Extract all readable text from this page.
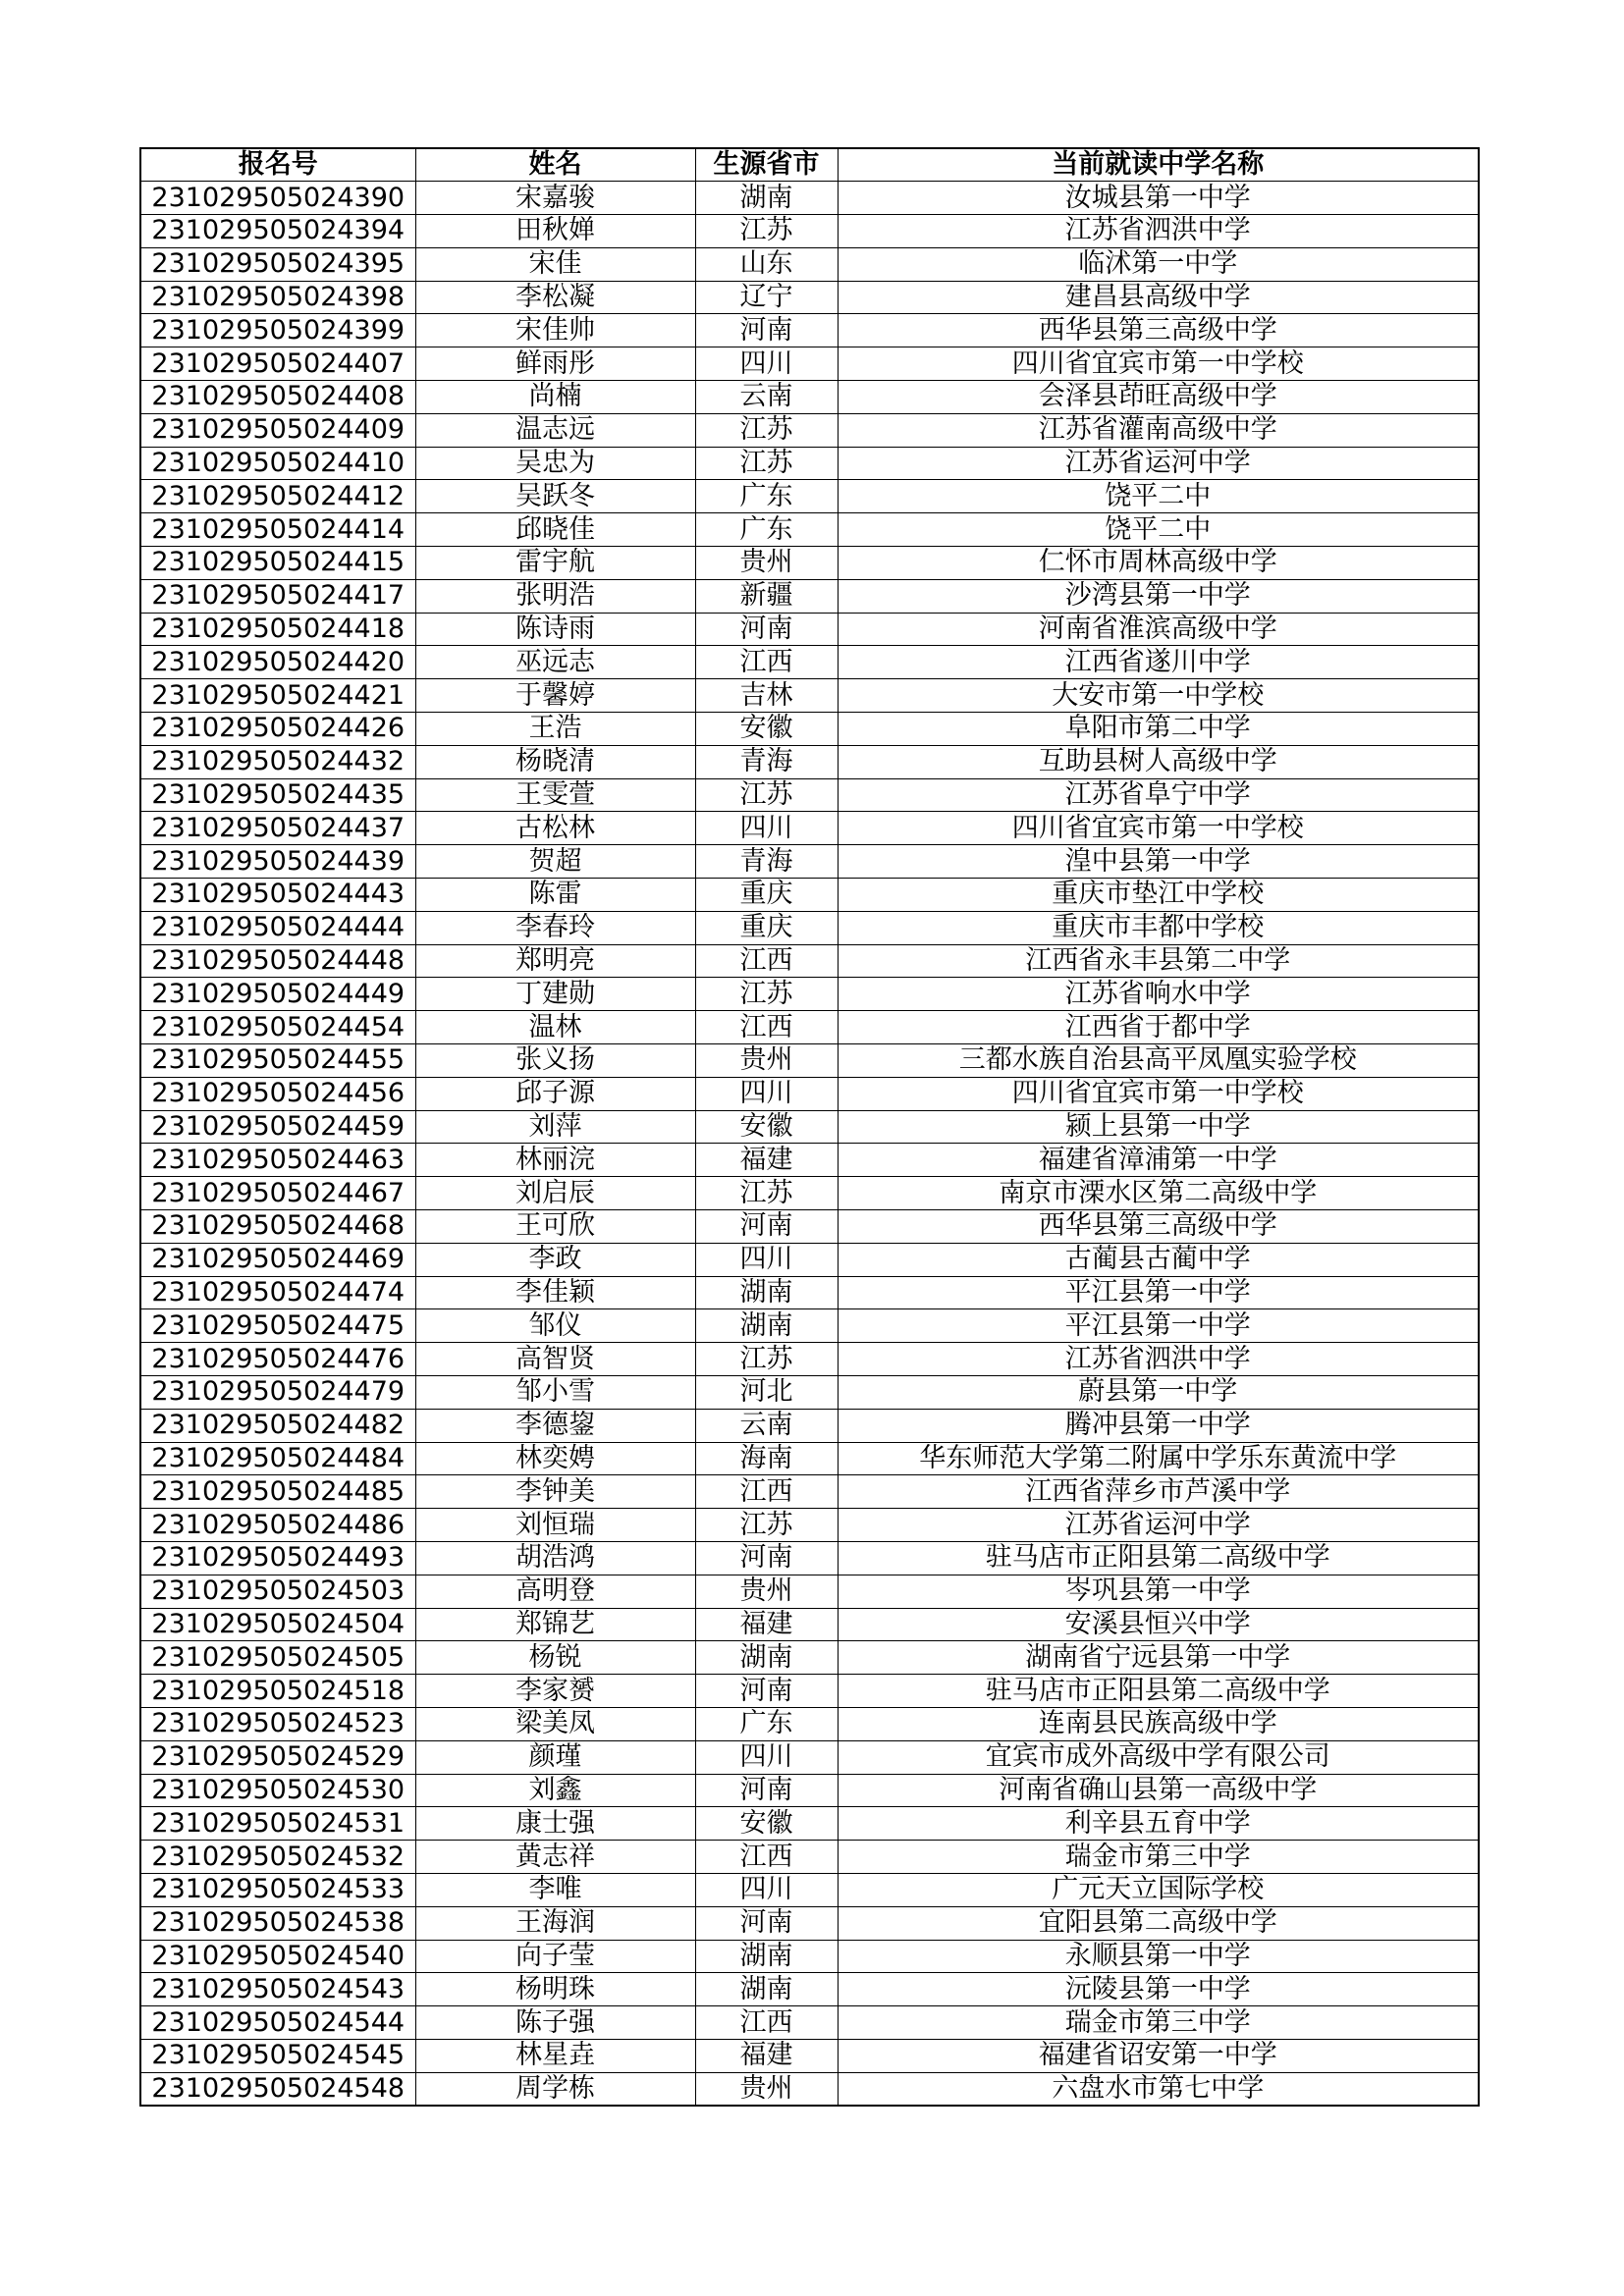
报名号	姓名	生源省市	当前就读中学名称
231029505024390	宋嘉骏	湖南	汝城县第一中学
231029505024394	田秋婵	江苏	江苏省泗洪中学
231029505024395	宋佳	山东	临沭第一中学
231029505024398	李松凝	辽宁	建昌县高级中学
231029505024399	宋佳帅	河南	西华县第三高级中学
231029505024407	鲜雨彤	四川	四川省宜宾市第一中学校
231029505024408	尚楠	云南	会泽县茚旺高级中学
231029505024409	温志远	江苏	江苏省灌南高级中学
231029505024410	吴忠为	江苏	江苏省运河中学
231029505024412	吴跃冬	广东	饶平二中
231029505024414	邱晓佳	广东	饶平二中
231029505024415	雷宇航	贵州	仁怀市周林高级中学
231029505024417	张明浩	新疆	沙湾县第一中学
231029505024418	陈诗雨	河南	河南省淮滨高级中学
231029505024420	巫远志	江西	江西省遂川中学
231029505024421	于馨婷	吉林	大安市第一中学校
231029505024426	王浩	安徽	阜阳市第二中学
231029505024432	杨晓清	青海	互助县树人高级中学
231029505024435	王雯萱	江苏	江苏省阜宁中学
231029505024437	古松林	四川	四川省宜宾市第一中学校
231029505024439	贺超	青海	湟中县第一中学
231029505024443	陈雷	重庆	重庆市垫江中学校
231029505024444	李春玲	重庆	重庆市丰都中学校
231029505024448	郑明亮	江西	江西省永丰县第二中学
231029505024449	丁建勋	江苏	江苏省响水中学
231029505024454	温林	江西	江西省于都中学
231029505024455	张义扬	贵州	三都水族自治县高平凤凰实验学校
231029505024456	邱子源	四川	四川省宜宾市第一中学校
231029505024459	刘萍	安徽	颍上县第一中学
231029505024463	林丽浣	福建	福建省漳浦第一中学
231029505024467	刘启辰	江苏	南京市溧水区第二高级中学
231029505024468	王可欣	河南	西华县第三高级中学
231029505024469	李政	四川	古蔺县古蔺中学
231029505024474	李佳颖	湖南	平江县第一中学
231029505024475	邹仪	湖南	平江县第一中学
231029505024476	高智贤	江苏	江苏省泗洪中学
231029505024479	邹小雪	河北	蔚县第一中学
231029505024482	李德鋆	云南	腾冲县第一中学
231029505024484	林奕娉	海南	华东师范大学第二附属中学乐东黄流中学
231029505024485	李钟美	江西	江西省萍乡市芦溪中学
231029505024486	刘恒瑞	江苏	江苏省运河中学
231029505024493	胡浩鸿	河南	驻马店市正阳县第二高级中学
231029505024503	高明登	贵州	岑巩县第一中学
231029505024504	郑锦艺	福建	安溪县恒兴中学
231029505024505	杨锐	湖南	湖南省宁远县第一中学
231029505024518	李家赟	河南	驻马店市正阳县第二高级中学
231029505024523	梁美凤	广东	连南县民族高级中学
231029505024529	颜瑾	四川	宜宾市成外高级中学有限公司
231029505024530	刘鑫	河南	河南省确山县第一高级中学
231029505024531	康士强	安徽	利辛县五育中学
231029505024532	黄志祥	江西	瑞金市第三中学
231029505024533	李唯	四川	广元天立国际学校
231029505024538	王海润	河南	宜阳县第二高级中学
231029505024540	向子莹	湖南	永顺县第一中学
231029505024543	杨明珠	湖南	沅陵县第一中学
231029505024544	陈子强	江西	瑞金市第三中学
231029505024545	林星垚	福建	福建省诏安第一中学
231029505024548	周学栋	贵州	六盘水市第七中学
